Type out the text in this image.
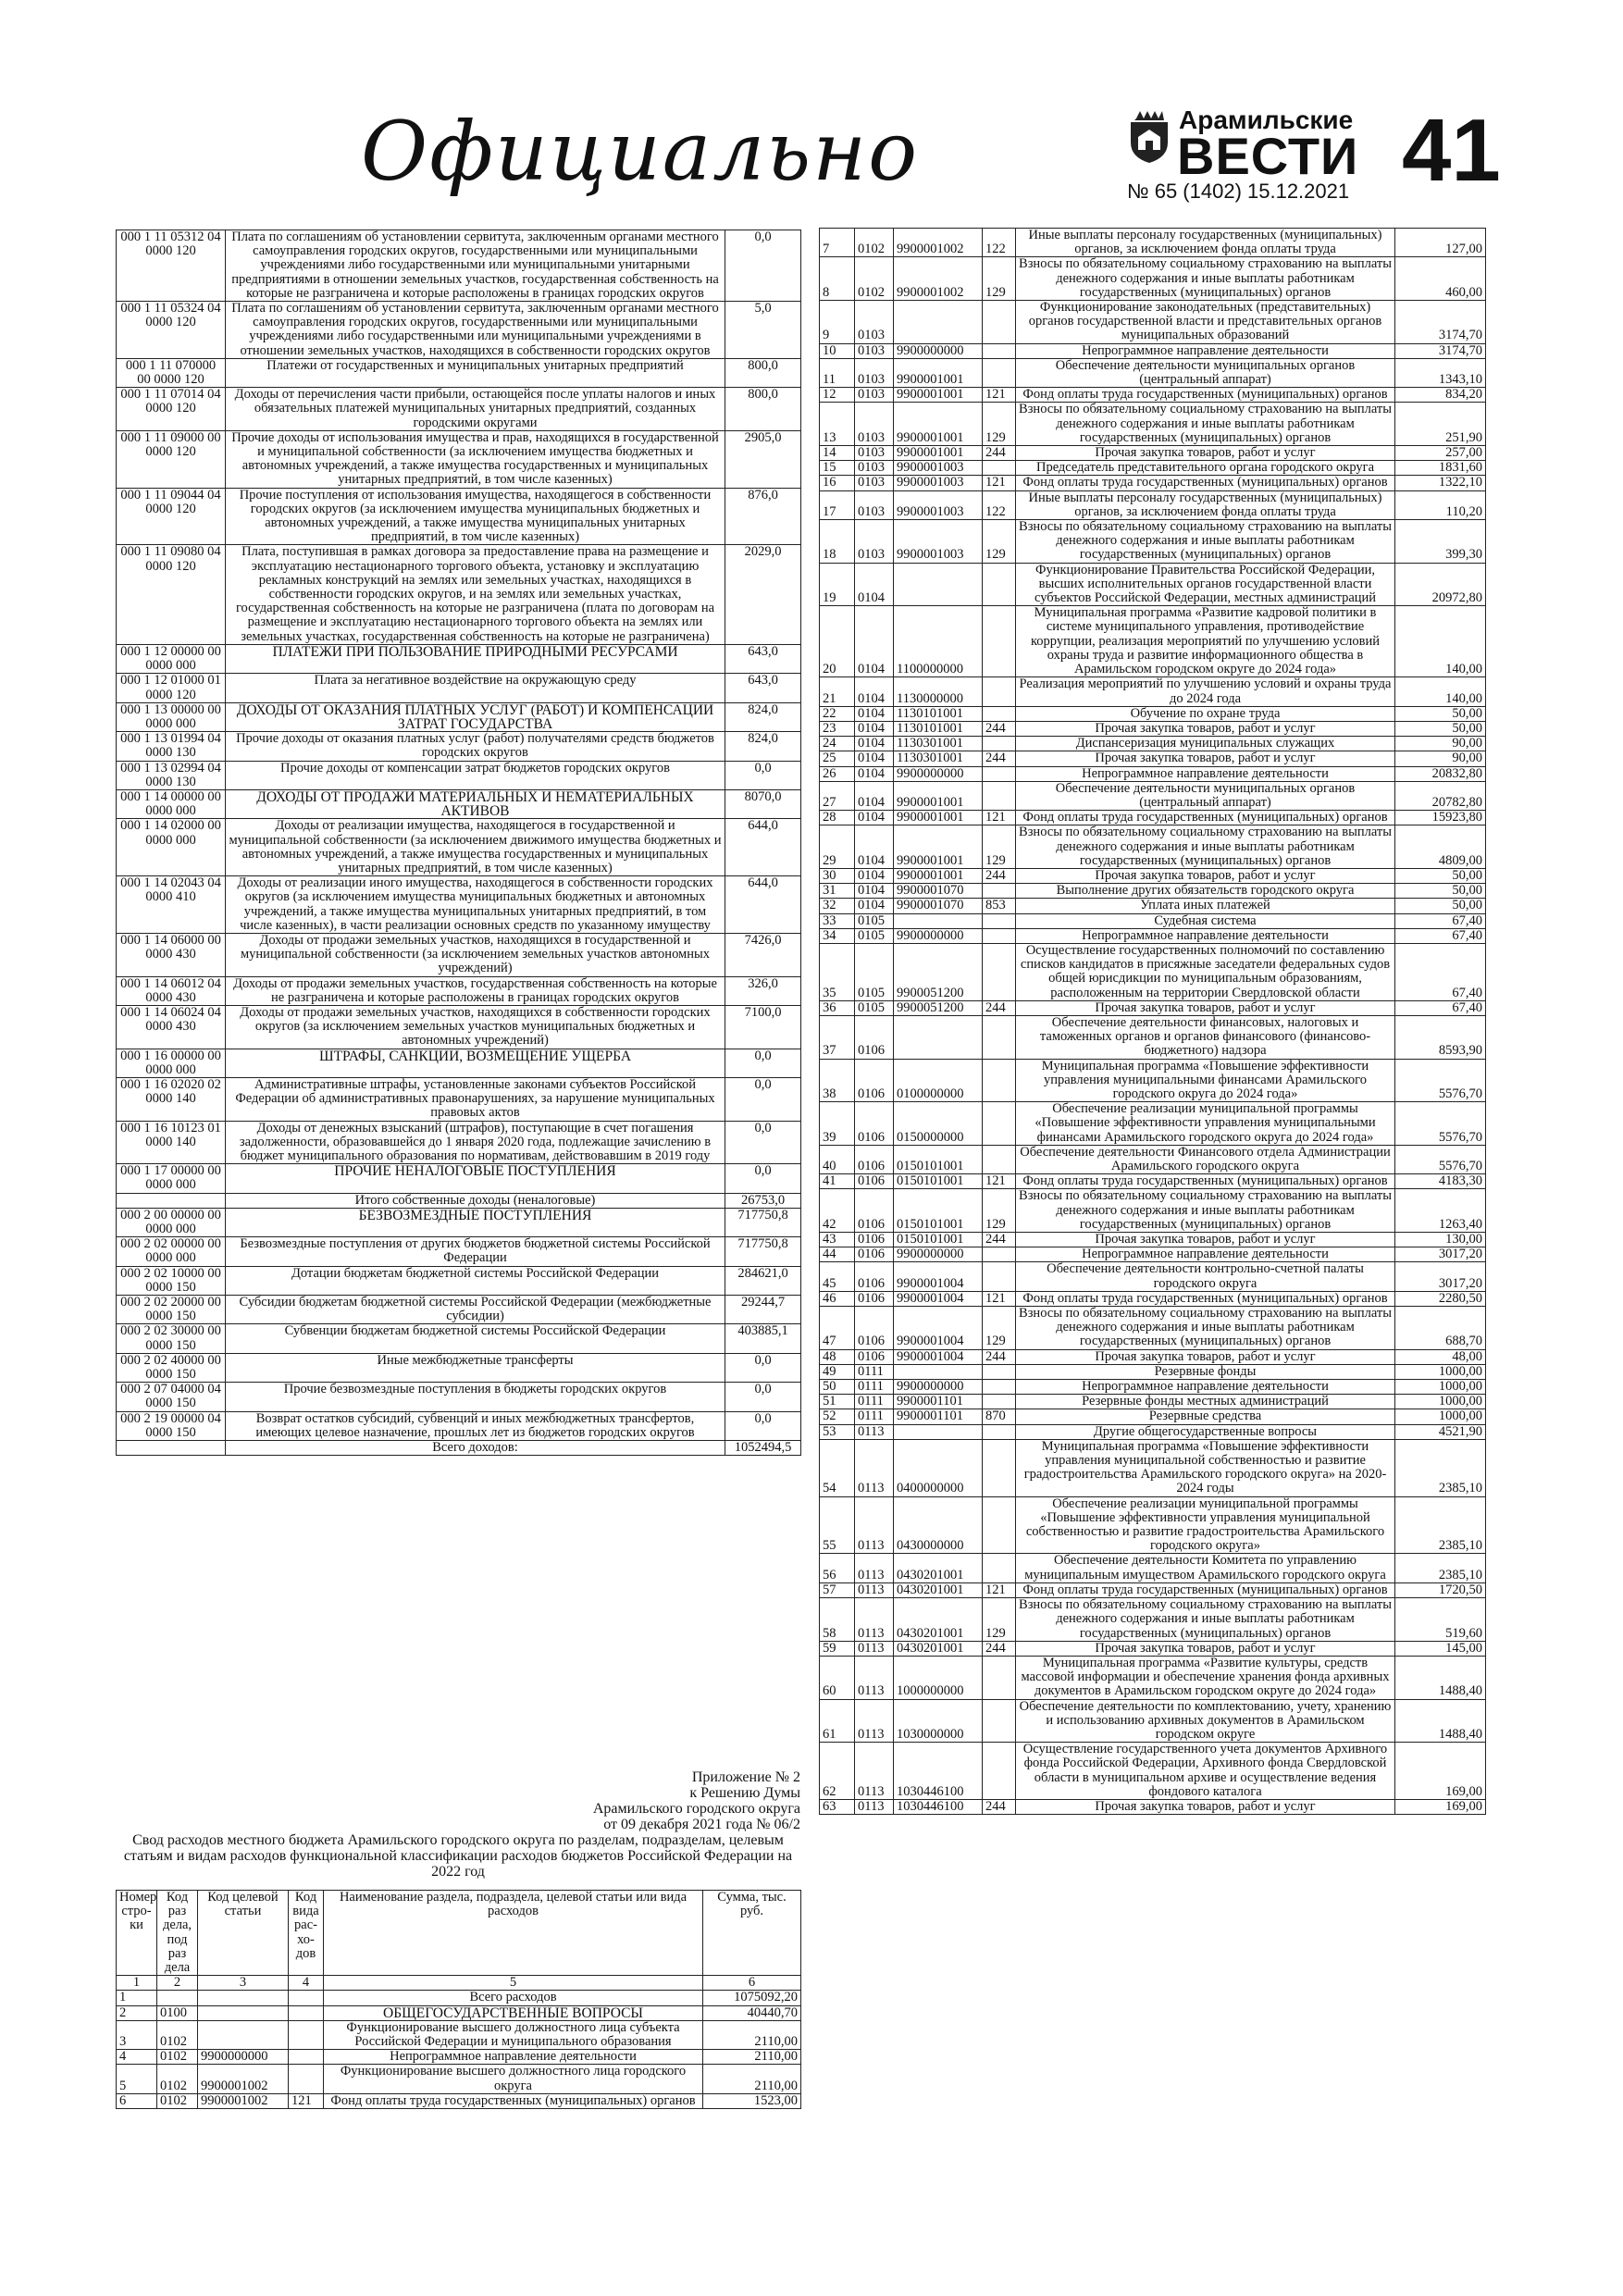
Официально	Арамильские
ВЕСТИ
№ 65 (1402) 15.12.2021 41
000 1 11 05312 04 0000 120	Плата по соглашениям об установлении сервитута, заключенным органами местного самоуправления городских округов, государственными или муниципальными учреждениями либо государственными или муниципальными унитарными предприятиями в отношении земельных участков, государственная собственность на которые не разграничена и которые расположены в границах городских округов	0,0
000 1 11 05324 04 0000 120	Плата по соглашениям об установлении сервитута, заключенным органами местного самоуправления городских округов, государственными или муниципальными учреждениями либо государственными или муниципальными учреждениями в отношении земельных участков, находящихся в собственности городских округов	5,0
000 1 11 070000 00 0000 120	Платежи от государственных и муниципальных унитарных предприятий	800,0
000 1 11 07014 04 0000 120	Доходы от перечисления части прибыли, остающейся после уплаты налогов и иных обязательных платежей муниципальных унитарных предприятий, созданных городскими округами	800,0
000 1 11 09000 00 0000 120	Прочие доходы от использования имущества и прав, находящихся в государственной и муниципальной собственности (за исключением имущества бюджетных и автономных учреждений, а также имущества государственных и муниципальных унитарных предприятий, в том числе казенных)	2905,0
000 1 11 09044 04 0000 120	Прочие поступления от использования имущества, находящегося в собственности городских округов (за исключением имущества муниципальных бюджетных и автономных учреждений, а также имущества муниципальных унитарных предприятий, в том числе казенных)	876,0
000 1 11 09080 04 0000 120	Плата, поступившая в рамках договора за предоставление права на размещение и эксплуатацию нестационарного торгового объекта, установку и эксплуатацию рекламных конструкций на землях или земельных участках, находящихся в собственности городских округов, и на землях или земельных участках, государственная собственность на которые не разграничена (плата по договорам на размещение и эксплуатацию нестационарного торгового объекта на землях или земельных участках, государственная собственность на которые не разграничена)	2029,0
000 1 12 00000 00 0000 000	ПЛАТЕЖИ ПРИ ПОЛЬЗОВАНИЕ ПРИРОДНЫМИ РЕСУРСАМИ	643,0
000 1 12 01000 01 0000 120	Плата за негативное воздействие на окружающую среду	643,0
000 1 13 00000 00 0000 000	ДОХОДЫ ОТ ОКАЗАНИЯ ПЛАТНЫХ УСЛУГ (РАБОТ) И КОМПЕНСАЦИИ ЗАТРАТ ГОСУДАРСТВА	824,0
000 1 13 01994 04 0000 130	Прочие доходы от оказания платных услуг (работ) получателями средств бюджетов городских округов	824,0
000 1 13 02994 04 0000 130	Прочие доходы от компенсации затрат бюджетов городских округов	0,0
000 1 14 00000 00 0000 000	ДОХОДЫ ОТ ПРОДАЖИ МАТЕРИАЛЬНЫХ И НЕМАТЕРИАЛЬНЫХ АКТИВОВ	8070,0
000 1 14 02000 00 0000 000	Доходы от реализации имущества, находящегося в государственной и муниципальной собственности (за исключением движимого имущества бюджетных и автономных учреждений, а также имущества государственных и муниципальных унитарных предприятий, в том числе казенных)	644,0
000 1 14 02043 04 0000 410	Доходы от реализации иного имущества, находящегося в собственности городских округов (за исключением имущества муниципальных бюджетных и автономных учреждений, а также имущества муниципальных унитарных предприятий, в том числе казенных), в части реализации основных средств по указанному имуществу	644,0
000 1 14 06000 00 0000 430	Доходы от продажи земельных участков, находящихся в государственной и муниципальной собственности (за исключением земельных участков автономных учреждений)	7426,0
000 1 14 06012 04 0000 430	Доходы от продажи земельных участков, государственная собственность на которые не разграничена и которые расположены в границах городских округов	326,0
000 1 14 06024 04 0000 430	Доходы от продажи земельных участков, находящихся в собственности городских округов (за исключением земельных участков муниципальных бюджетных и автономных учреждений)	7100,0
000 1 16 00000 00 0000 000	ШТРАФЫ, САНКЦИИ, ВОЗМЕЩЕНИЕ УЩЕРБА	0,0
000 1 16 02020 02 0000 140	Административные штрафы, установленные законами субъектов Российской Федерации об административных правонарушениях, за нарушение муниципальных правовых актов	0,0
000 1 16 10123 01 0000 140	Доходы от денежных взысканий (штрафов), поступающие в счет погашения задолженности, образовавшейся до 1 января 2020 года, подлежащие зачислению в бюджет муниципального образования по нормативам, действовавшим в 2019 году	0,0
000 1 17 00000 00 0000 000	ПРОЧИЕ НЕНАЛОГОВЫЕ ПОСТУПЛЕНИЯ	0,0
	Итого собственные доходы (неналоговые)	26753,0
000 2 00 00000 00 0000 000	БЕЗВОЗМЕЗДНЫЕ ПОСТУПЛЕНИЯ	717750,8
000 2 02 00000 00 0000 000	Безвозмездные поступления от других бюджетов бюджетной системы Российской Федерации	717750,8
000 2 02 10000 00 0000 150	Дотации бюджетам бюджетной системы Российской Федерации	284621,0
000 2 02 20000 00 0000 150	Субсидии бюджетам бюджетной системы Российской Федерации (межбюджетные субсидии)	29244,7
000 2 02 30000 00 0000 150	Субвенции бюджетам бюджетной системы Российской Федерации	403885,1
000 2 02 40000 00 0000 150	Иные межбюджетные трансферты	0,0
000 2 07 04000 04 0000 150	Прочие безвозмездные поступления в бюджеты городских округов	0,0
000 2 19 00000 04 0000 150	Возврат остатков субсидий, субвенций и иных межбюджетных трансфертов, имеющих целевое назначение, прошлых лет из бюджетов городских округов	0,0
	Всего доходов:	1052494,5
Приложение № 2
к Решению Думы
Арамильского городского округа
от 09 декабря 2021 года № 06/2
Свод расходов местного бюджета Арамильского городского округа по разделам, подразделам, целевым статьям и видам расходов функциональной классификации расходов бюджетов Российской Федерации на 2022 год
Номер стро-ки	Код раз дела, под раз дела	Код целевой статьи	Код вида рас-хо-дов	Наименование раздела, подраздела, целевой статьи или вида расходов	Сумма, тыс. руб.
1	2	3	4	5	6
1				Всего расходов	1075092,20
2	0100			ОБЩЕГОСУДАРСТВЕННЫЕ ВОПРОСЫ	40440,70
3	0102			Функционирование высшего должностного лица субъекта Российской Федерации и муниципального образования	2110,00
4	0102	9900000000		Непрограммное направление деятельности	2110,00
5	0102	9900001002		Функционирование высшего должностного лица городского округа	2110,00
6	0102	9900001002	121	Фонд оплаты труда государственных (муниципальных) органов	1523,00
7	0102	9900001002	122	Иные выплаты персоналу государственных (муниципальных) органов, за исключением фонда оплаты труда	127,00
8	0102	9900001002	129	Взносы по обязательному социальному страхованию на выплаты денежного содержания и иные выплаты работникам государственных (муниципальных) органов	460,00
9	0103			Функционирование законодательных (представительных) органов государственной власти и представительных органов муниципальных образований	3174,70
10	0103	9900000000		Непрограммное направление деятельности	3174,70
11	0103	9900001001		Обеспечение деятельности муниципальных органов (центральный аппарат)	1343,10
12	0103	9900001001	121	Фонд оплаты труда государственных (муниципальных) органов	834,20
13	0103	9900001001	129	Взносы по обязательному социальному страхованию на выплаты денежного содержания и иные выплаты работникам государственных (муниципальных) органов	251,90
14	0103	9900001001	244	Прочая закупка товаров, работ и услуг	257,00
15	0103	9900001003		Председатель представительного органа городского округа	1831,60
16	0103	9900001003	121	Фонд оплаты труда государственных (муниципальных) органов	1322,10
17	0103	9900001003	122	Иные выплаты персоналу государственных (муниципальных) органов, за исключением фонда оплаты труда	110,20
18	0103	9900001003	129	Взносы по обязательному социальному страхованию на выплаты денежного содержания и иные выплаты работникам государственных (муниципальных) органов	399,30
19	0104			Функционирование Правительства Российской Федерации, высших исполнительных органов государственной власти субъектов Российской Федерации, местных администраций	20972,80
20	0104	1100000000		Муниципальная программа «Развитие кадровой политики в системе муниципального управления, противодействие коррупции, реализация мероприятий по улучшению условий охраны труда и развитие информационного общества в Арамильском городском округе до 2024 года»	140,00
21	0104	1130000000		Реализация мероприятий по улучшению условий и охраны труда до 2024 года	140,00
22	0104	1130101001		Обучение по охране труда	50,00
23	0104	1130101001	244	Прочая закупка товаров, работ и услуг	50,00
24	0104	1130301001		Диспансеризация муниципальных служащих	90,00
25	0104	1130301001	244	Прочая закупка товаров, работ и услуг	90,00
26	0104	9900000000		Непрограммное направление деятельности	20832,80
27	0104	9900001001		Обеспечение деятельности муниципальных органов (центральный аппарат)	20782,80
28	0104	9900001001	121	Фонд оплаты труда государственных (муниципальных) органов	15923,80
29	0104	9900001001	129	Взносы по обязательному социальному страхованию на выплаты денежного содержания и иные выплаты работникам государственных (муниципальных) органов	4809,00
30	0104	9900001001	244	Прочая закупка товаров, работ и услуг	50,00
31	0104	9900001070		Выполнение других обязательств городского округа	50,00
32	0104	9900001070	853	Уплата иных платежей	50,00
33	0105			Судебная система	67,40
34	0105	9900000000		Непрограммное направление деятельности	67,40
35	0105	9900051200		Осуществление государственных полномочий по составлению списков кандидатов в присяжные заседатели федеральных судов общей юрисдикции по муниципальным образованиям, расположенным на территории Свердловской области	67,40
36	0105	9900051200	244	Прочая закупка товаров, работ и услуг	67,40
37	0106			Обеспечение деятельности финансовых, налоговых и таможенных органов и органов финансового (финансово-бюджетного) надзора	8593,90
38	0106	0100000000		Муниципальная программа «Повышение эффективности управления муниципальными финансами Арамильского городского округа до 2024 года»	5576,70
39	0106	0150000000		Обеспечение реализации муниципальной программы «Повышение эффективности управления муниципальными финансами Арамильского городского округа до 2024 года»	5576,70
40	0106	0150101001		Обеспечение деятельности Финансового отдела Администрации Арамильского городского округа	5576,70
41	0106	0150101001	121	Фонд оплаты труда государственных (муниципальных) органов	4183,30
42	0106	0150101001	129	Взносы по обязательному социальному страхованию на выплаты денежного содержания и иные выплаты работникам государственных (муниципальных) органов	1263,40
43	0106	0150101001	244	Прочая закупка товаров, работ и услуг	130,00
44	0106	9900000000		Непрограммное направление деятельности	3017,20
45	0106	9900001004		Обеспечение деятельности контрольно-счетной палаты городского округа	3017,20
46	0106	9900001004	121	Фонд оплаты труда государственных (муниципальных) органов	2280,50
47	0106	9900001004	129	Взносы по обязательному социальному страхованию на выплаты денежного содержания и иные выплаты работникам государственных (муниципальных) органов	688,70
48	0106	9900001004	244	Прочая закупка товаров, работ и услуг	48,00
49	0111			Резервные фонды	1000,00
50	0111	9900000000		Непрограммное направление деятельности	1000,00
51	0111	9900001101		Резервные фонды местных администраций	1000,00
52	0111	9900001101	870	Резервные средства	1000,00
53	0113			Другие общегосударственные вопросы	4521,90
54	0113	0400000000		Муниципальная программа «Повышение эффективности управления муниципальной собственностью и развитие градостроительства Арамильского городского округа» на 2020-2024 годы	2385,10
55	0113	0430000000		Обеспечение реализации муниципальной программы «Повышение эффективности управления муниципальной собственностью и развитие градостроительства Арамильского городского округа»	2385,10
56	0113	0430201001		Обеспечение деятельности Комитета по управлению муниципальным имуществом Арамильского городского округа	2385,10
57	0113	0430201001	121	Фонд оплаты труда государственных (муниципальных) органов	1720,50
58	0113	0430201001	129	Взносы по обязательному социальному страхованию на выплаты денежного содержания и иные выплаты работникам государственных (муниципальных) органов	519,60
59	0113	0430201001	244	Прочая закупка товаров, работ и услуг	145,00
60	0113	1000000000		Муниципальная программа «Развитие культуры, средств массовой информации и обеспечение хранения фонда архивных документов в Арамильском городском округе до 2024 года»	1488,40
61	0113	1030000000		Обеспечение деятельности по комплектованию, учету, хранению и использованию архивных документов в Арамильском городском округе	1488,40
62	0113	1030446100		Осуществление государственного учета документов Архивного фонда Российской Федерации, Архивного фонда Свердловской области в муниципальном архиве и осуществление ведения фондового каталога	169,00
63	0113	1030446100	244	Прочая закупка товаров, работ и услуг	169,00
